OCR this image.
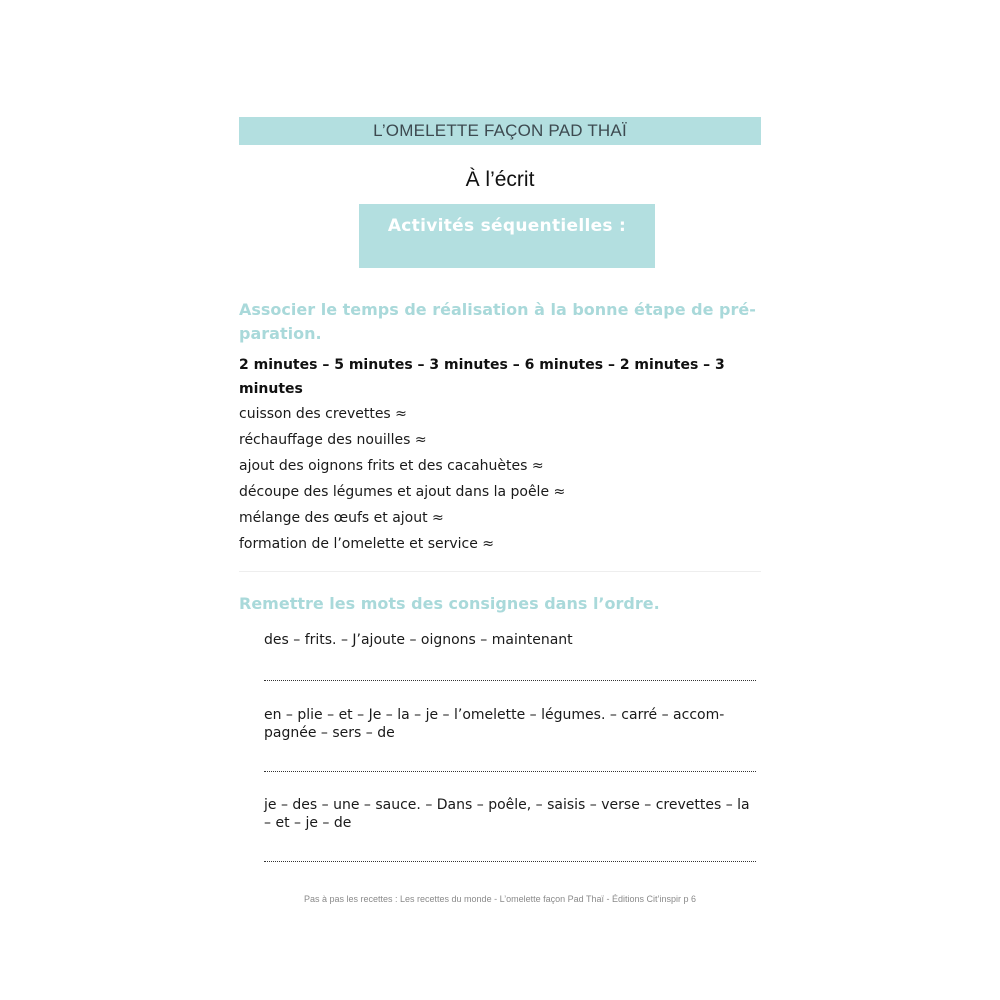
L’OMELETTE FAÇON PAD THAÏ
À l’écrit
Activités séquentielles :
Associer le temps de réalisation à la bonne étape de pré-paration.
2 minutes – 5 minutes – 3 minutes – 6 minutes – 2 minutes – 3 minutes
cuisson des crevettes ≈
réchauffage des nouilles ≈
ajout des oignons frits et des cacahuètes ≈
découpe des légumes et ajout dans la poêle ≈
mélange des œufs et ajout ≈
formation de l’omelette et service ≈
Remettre les mots des consignes dans l’ordre.
des – frits. – J’ajoute – oignons – maintenant
en – plie – et – Je – la – je – l’omelette – légumes. – carré – accom-pagnée – sers – de
je – des – une – sauce. – Dans – poêle, – saisis – verse – crevettes – la – et – je – de
Pas à pas les recettes : Les recettes du monde - L’omelette façon Pad Thaï - Éditions Cit’inspir p 6
